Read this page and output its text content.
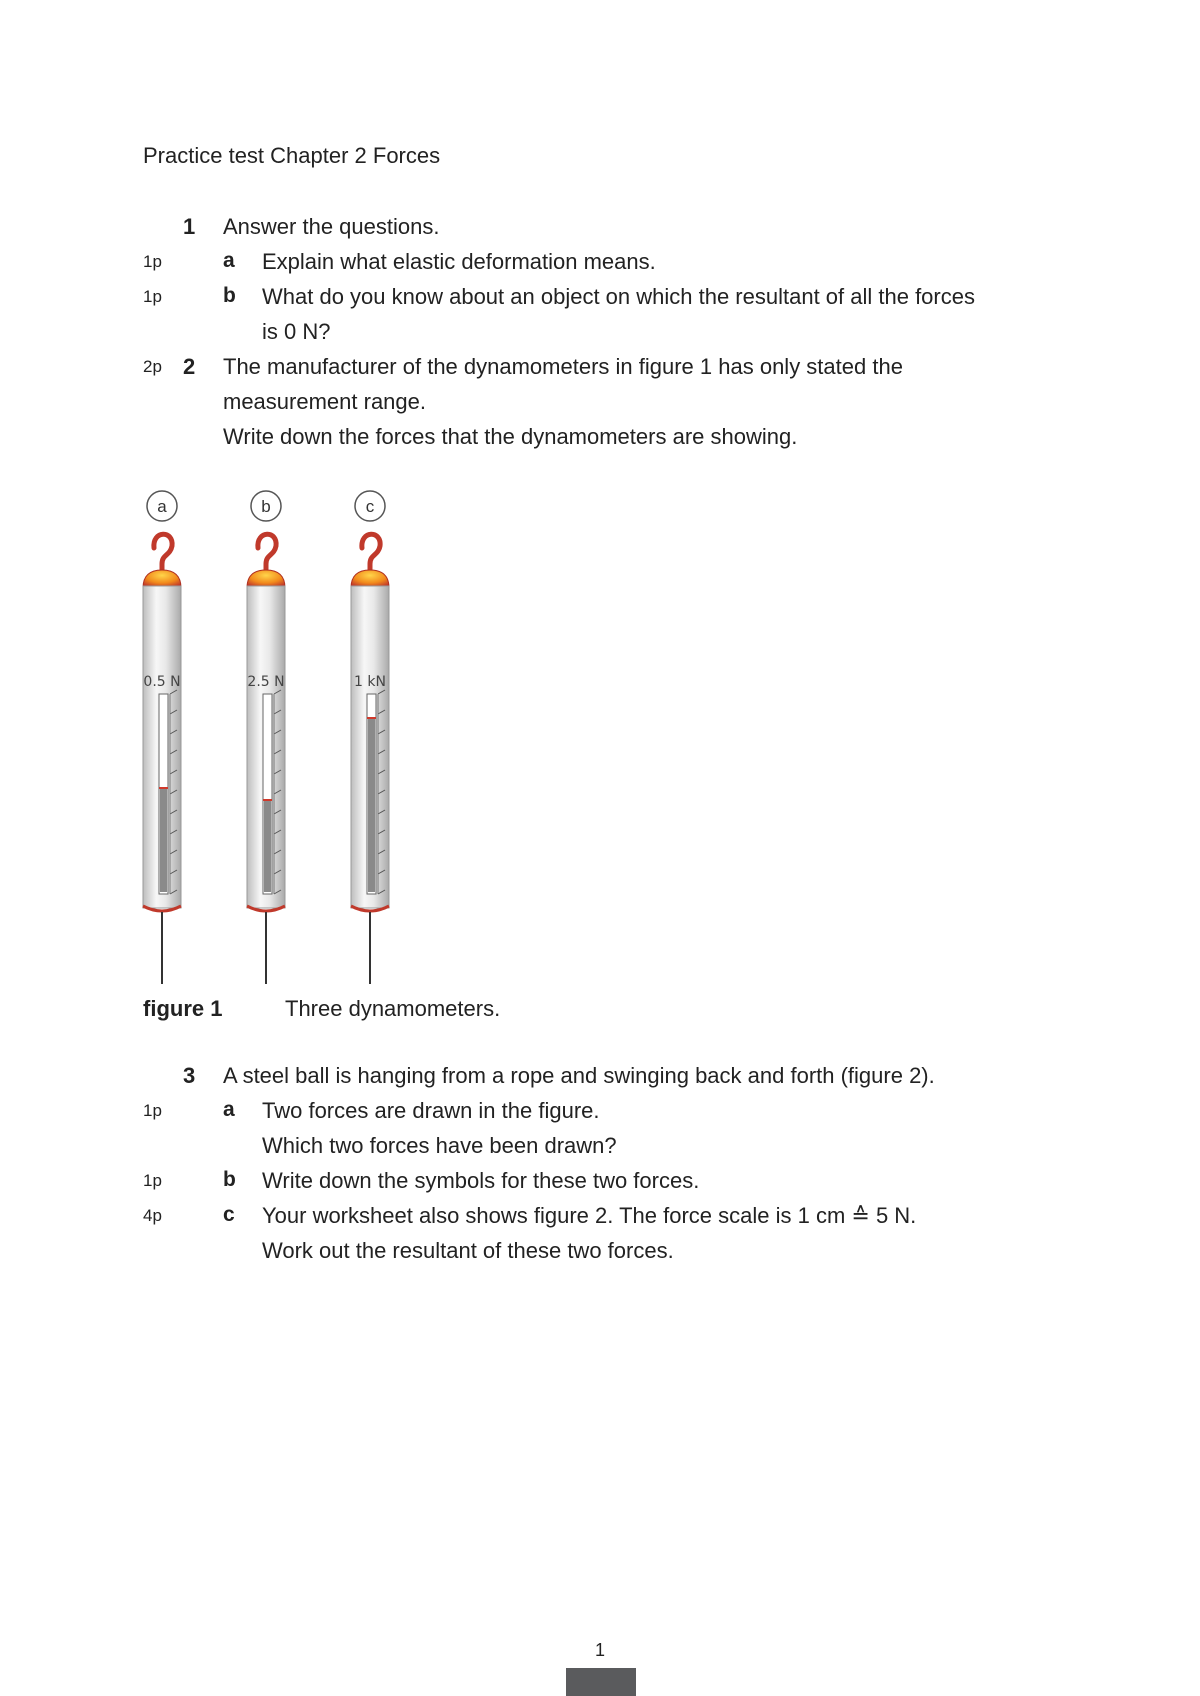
Practice test Chapter 2 Forces
1 Answer the questions.
1p	a Explain what elastic deformation means.
1p	b What do you know about an object on which the resultant of all the forces
is 0 N?
2p 2 The manufacturer of the dynamometers in figure 1 has only stated the
measurement range.
Write down the forces that the dynamometers are showing.
a
0.5 N
b
2.5 N
c
1 kN
figure 1	Three dynamometers.
3 A steel ball is hanging from a rope and swinging back and forth (figure 2).
1p	a Two forces are drawn in the figure.
Which two forces have been drawn?
1p	b Write down the symbols for these two forces.
4p	c Your worksheet also shows figure 2. The force scale is 1 cm ≙ 5 N.
Work out the resultant of these two forces.
1
